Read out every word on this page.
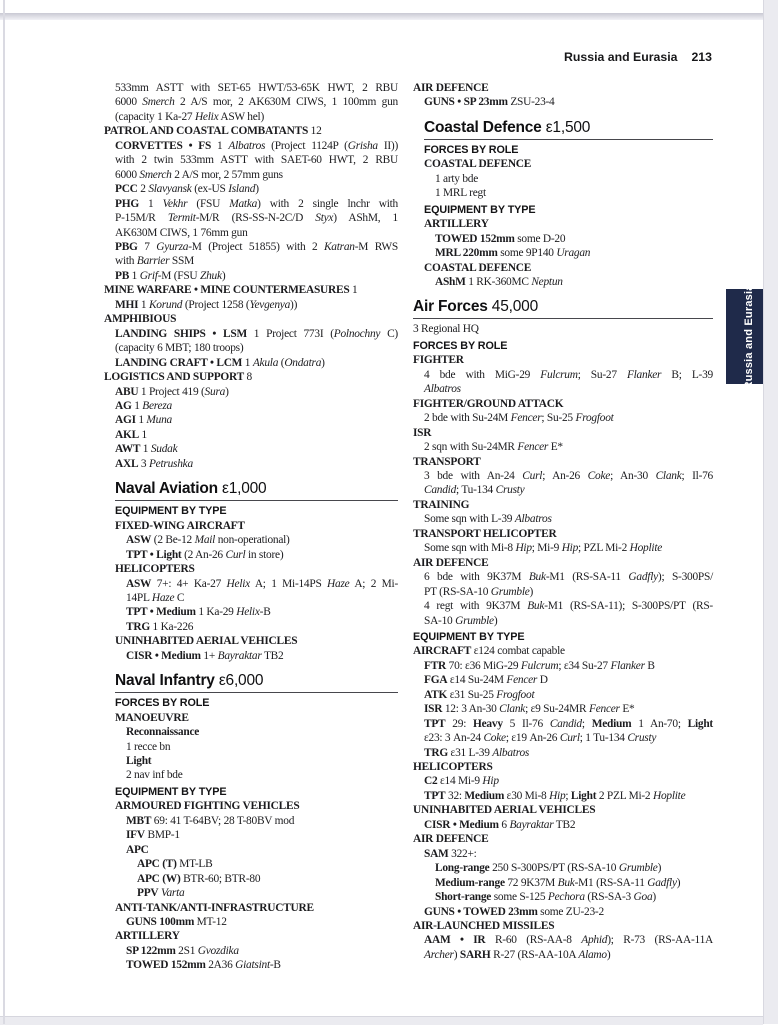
Russia and Eurasia 213
533mm ASTT with SET-65 HWT/53-65K HWT, 2 RBU
6000 Smerch 2 A/S mor, 2 AK630M CIWS, 1 100mm gun
(capacity 1 Ka-27 Helix ASW hel)
PATROL AND COASTAL COMBATANTS 12
CORVETTES • FS 1 Albatros (Project 1124P (Grisha II))
with 2 twin 533mm ASTT with SAET-60 HWT, 2 RBU
6000 Smerch 2 A/S mor, 2 57mm guns
PCC 2 Slavyansk (ex-US Island)
PHG 1 Vekhr (FSU Matka) with 2 single lnchr with
P-15M/R Termit-M/R (RS-SS-N-2C/D Styx) AShM, 1
AK630M CIWS, 1 76mm gun
PBG 7 Gyurza-M (Project 51855) with 2 Katran-M RWS
with Barrier SSM
PB 1 Grif-M (FSU Zhuk)
MINE WARFARE • MINE COUNTERMEASURES 1
MHI 1 Korund (Project 1258 (Yevgenya))
AMPHIBIOUS
LANDING SHIPS • LSM 1 Project 773I (Polnochny C)
(capacity 6 MBT; 180 troops)
LANDING CRAFT • LCM 1 Akula (Ondatra)
LOGISTICS AND SUPPORT 8
ABU 1 Project 419 (Sura)
AG 1 Bereza
AGI 1 Muna
AKL 1
AWT 1 Sudak
AXL 3 Petrushka
Naval Aviation ε1,000
EQUIPMENT BY TYPE
FIXED-WING AIRCRAFT
ASW (2 Be-12 Mail non-operational)
TPT • Light (2 An-26 Curl in store)
HELICOPTERS
ASW 7+: 4+ Ka-27 Helix A; 1 Mi-14PS Haze A; 2 Mi-
14PL Haze C
TPT • Medium 1 Ka-29 Helix-B
TRG 1 Ka-226
UNINHABITED AERIAL VEHICLES
CISR • Medium 1+ Bayraktar TB2
Naval Infantry ε6,000
FORCES BY ROLE
MANOEUVRE
Reconnaissance
1 recce bn
Light
2 nav inf bde
EQUIPMENT BY TYPE
ARMOURED FIGHTING VEHICLES
MBT 69: 41 T-64BV; 28 T-80BV mod
IFV BMP-1
APC
APC (T) MT-LB
APC (W) BTR-60; BTR-80
PPV Varta
ANTI-TANK/ANTI-INFRASTRUCTURE
GUNS 100mm MT-12
ARTILLERY
SP 122mm 2S1 Gvozdika
TOWED 152mm 2A36 Giatsint-B
AIR DEFENCE
GUNS • SP 23mm ZSU-23-4
Coastal Defence ε1,500
FORCES BY ROLE
COASTAL DEFENCE
1 arty bde
1 MRL regt
EQUIPMENT BY TYPE
ARTILLERY
TOWED 152mm some D-20
MRL 220mm some 9P140 Uragan
COASTAL DEFENCE
AShM 1 RK-360MC Neptun
Air Forces 45,000
3 Regional HQ
FORCES BY ROLE
FIGHTER
4 bde with MiG-29 Fulcrum; Su-27 Flanker B; L-39
Albatros
FIGHTER/GROUND ATTACK
2 bde with Su-24M Fencer; Su-25 Frogfoot
ISR
2 sqn with Su-24MR Fencer E*
TRANSPORT
3 bde with An-24 Curl; An-26 Coke; An-30 Clank; Il-76
Candid; Tu-134 Crusty
TRAINING
Some sqn with L-39 Albatros
TRANSPORT HELICOPTER
Some sqn with Mi-8 Hip; Mi-9 Hip; PZL Mi-2 Hoplite
AIR DEFENCE
6 bde with 9K37M Buk-M1 (RS-SA-11 Gadfly); S-300PS/
PT (RS-SA-10 Grumble)
4 regt with 9K37M Buk-M1 (RS-SA-11); S-300PS/PT (RS-
SA-10 Grumble)
EQUIPMENT BY TYPE
AIRCRAFT ε124 combat capable
FTR 70: ε36 MiG-29 Fulcrum; ε34 Su-27 Flanker B
FGA ε14 Su-24M Fencer D
ATK ε31 Su-25 Frogfoot
ISR 12: 3 An-30 Clank; ε9 Su-24MR Fencer E*
TPT 29: Heavy 5 Il-76 Candid; Medium 1 An-70; Light
ε23: 3 An-24 Coke; ε19 An-26 Curl; 1 Tu-134 Crusty
TRG ε31 L-39 Albatros
HELICOPTERS
C2 ε14 Mi-9 Hip
TPT 32: Medium ε30 Mi-8 Hip; Light 2 PZL Mi-2 Hoplite
UNINHABITED AERIAL VEHICLES
CISR • Medium 6 Bayraktar TB2
AIR DEFENCE
SAM 322+:
Long-range 250 S-300PS/PT (RS-SA-10 Grumble)
Medium-range 72 9K37M Buk-M1 (RS-SA-11 Gadfly)
Short-range some S-125 Pechora (RS-SA-3 Goa)
GUNS • TOWED 23mm some ZU-23-2
AIR-LAUNCHED MISSILES
AAM • IR R-60 (RS-AA-8 Aphid); R-73 (RS-AA-11A
Archer) SARH R-27 (RS-AA-10A Alamo)
Russia and Eurasia
